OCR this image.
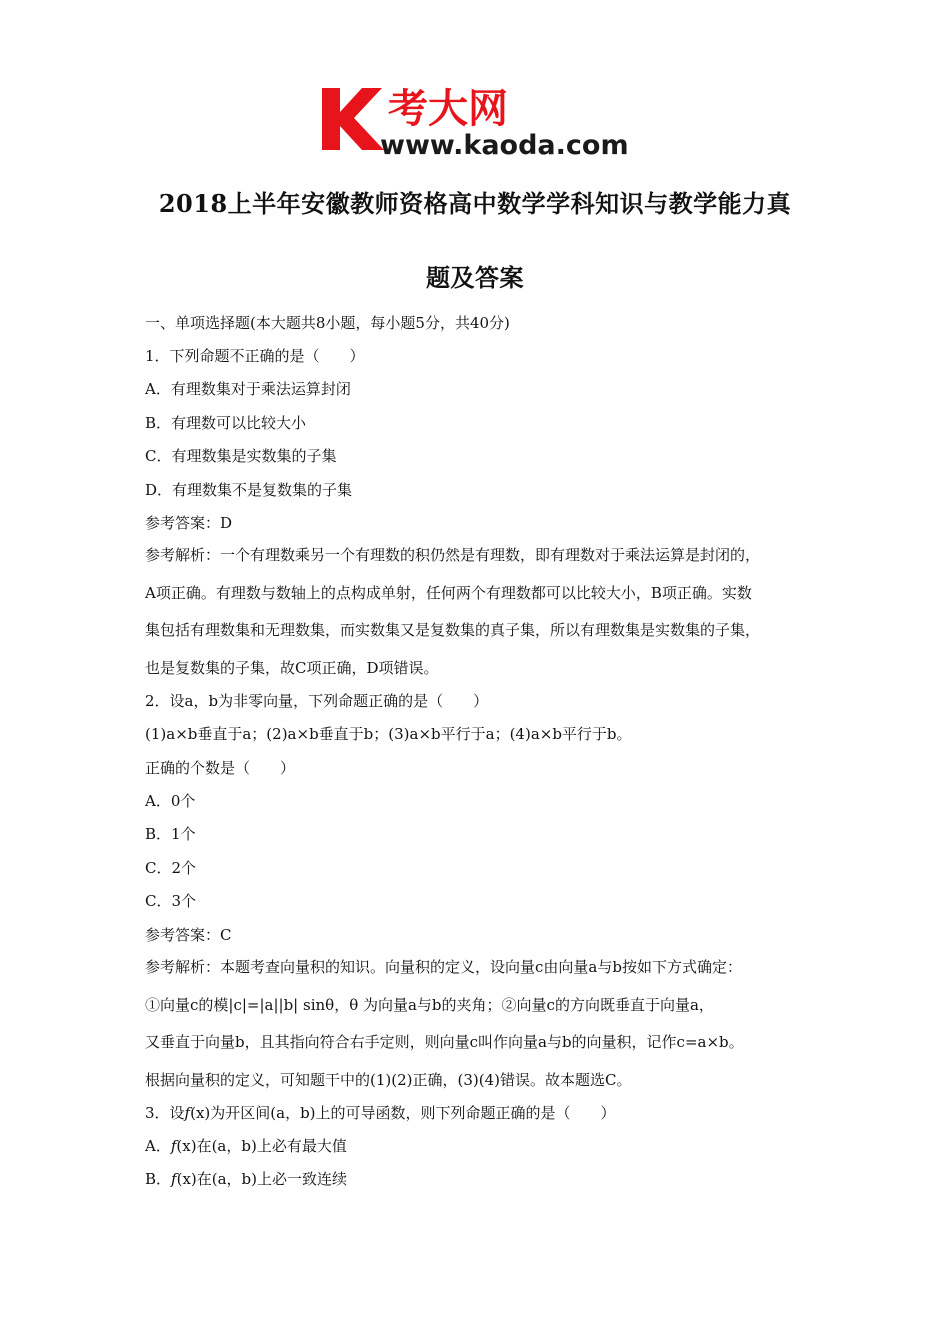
考大网
www.kaoda.com
2018上半年安徽教师资格高中数学学科知识与教学能力真
题及答案
一、单项选择题(本大题共8小题，每小题5分，共40分)
1．下列命题不正确的是（　　）
A．有理数集对于乘法运算封闭
B．有理数可以比较大小
C．有理数集是实数集的子集
D．有理数集不是复数集的子集
参考答案：D
参考解析：一个有理数乘另一个有理数的积仍然是有理数，即有理数对于乘法运算是封闭的，
A项正确。有理数与数轴上的点构成单射，任何两个有理数都可以比较大小，B项正确。实数
集包括有理数集和无理数集，而实数集又是复数集的真子集，所以有理数集是实数集的子集，
也是复数集的子集，故C项正确，D项错误。
2．设a，b为非零向量，下列命题正确的是（　　）
(1)a×b垂直于a；(2)a×b垂直于b；(3)a×b平行于a；(4)a×b平行于b。
正确的个数是（　　）
A．0个
B．1个
C．2个
C．3个
参考答案：C
参考解析：本题考查向量积的知识。向量积的定义，设向量c由向量a与b按如下方式确定：
①向量c的模|c|=|a||b| sinθ，θ 为向量a与b的夹角；②向量c的方向既垂直于向量a，
又垂直于向量b，且其指向符合右手定则，则向量c叫作向量a与b的向量积，记作c=a×b。
根据向量积的定义，可知题干中的(1)(2)正确，(3)(4)错误。故本题选C。
3．设f(x)为开区间(a，b)上的可导函数，则下列命题正确的是（　　）
A．f(x)在(a，b)上必有最大值
B．f(x)在(a，b)上必一致连续
